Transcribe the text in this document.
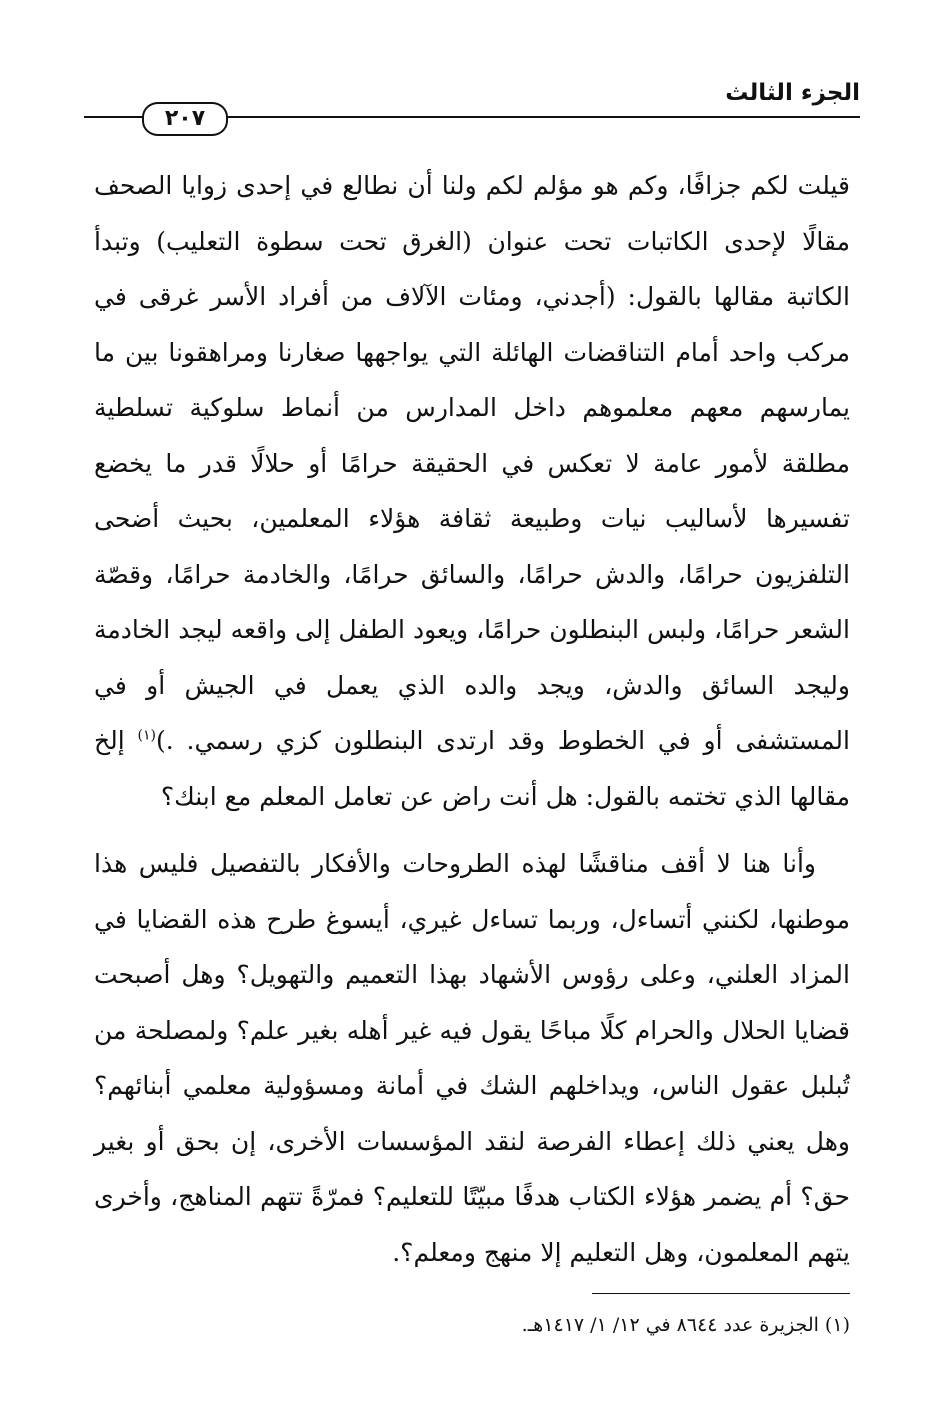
الجزء الثالث
٢٠٧

قيلت لكم جزافًا، وكم هو مؤلم لكم ولنا أن نطالع في إحدى زوايا الصحف مقالًا لإحدى الكاتبات تحت عنوان (الغرق تحت سطوة التعليب) وتبدأ الكاتبة مقالها بالقول: (أجدني، ومئات الآلاف من أفراد الأسر غرقى في مركب واحد أمام التناقضات الهائلة التي يواجهها صغارنا ومراهقونا بين ما يمارسهم معهم معلموهم داخل المدارس من أنماط سلوكية تسلطية مطلقة لأمور عامة لا تعكس في الحقيقة حرامًا أو حلالًا قدر ما يخضع تفسيرها لأساليب نيات وطبيعة ثقافة هؤلاء المعلمين، بحيث أضحى التلفزيون حرامًا، والدش حرامًا، والسائق حرامًا، والخادمة حرامًا، وقصّة الشعر حرامًا، ولبس البنطلون حرامًا، ويعود الطفل إلى واقعه ليجد الخادمة وليجد السائق والدش، ويجد والده الذي يعمل في الجيش أو في المستشفى أو في الخطوط وقد ارتدى البنطلون كزي رسمي. .)$^{(١)}$ إلخ مقالها الذي تختمه بالقول: هل أنت راض عن تعامل المعلم مع ابنك؟

وأنا هنا لا أقف مناقشًا لهذه الطروحات والأفكار بالتفصيل فليس هذا موطنها، لكنني أتساءل، وربما تساءل غيري، أيسوغ طرح هذه القضايا في المزاد العلني، وعلى رؤوس الأشهاد بهذا التعميم والتهويل؟ وهل أصبحت قضايا الحلال والحرام كلًا مباحًا يقول فيه غير أهله بغير علم؟ ولمصلحة من تُبلبل عقول الناس، ويداخلهم الشك في أمانة ومسؤولية معلمي أبنائهم؟ وهل يعني ذلك إعطاء الفرصة لنقد المؤسسات الأخرى، إن بحق أو بغير حق؟ أم يضمر هؤلاء الكتاب هدفًا مبيّتًا للتعليم؟ فمرّةً تتهم المناهج، وأخرى يتهم المعلمون، وهل التعليم إلا منهج ومعلم؟.

(١) الجزيرة عدد ٨٦٤٤ في ١٢/ ١/ ١٤١٧هـ.
